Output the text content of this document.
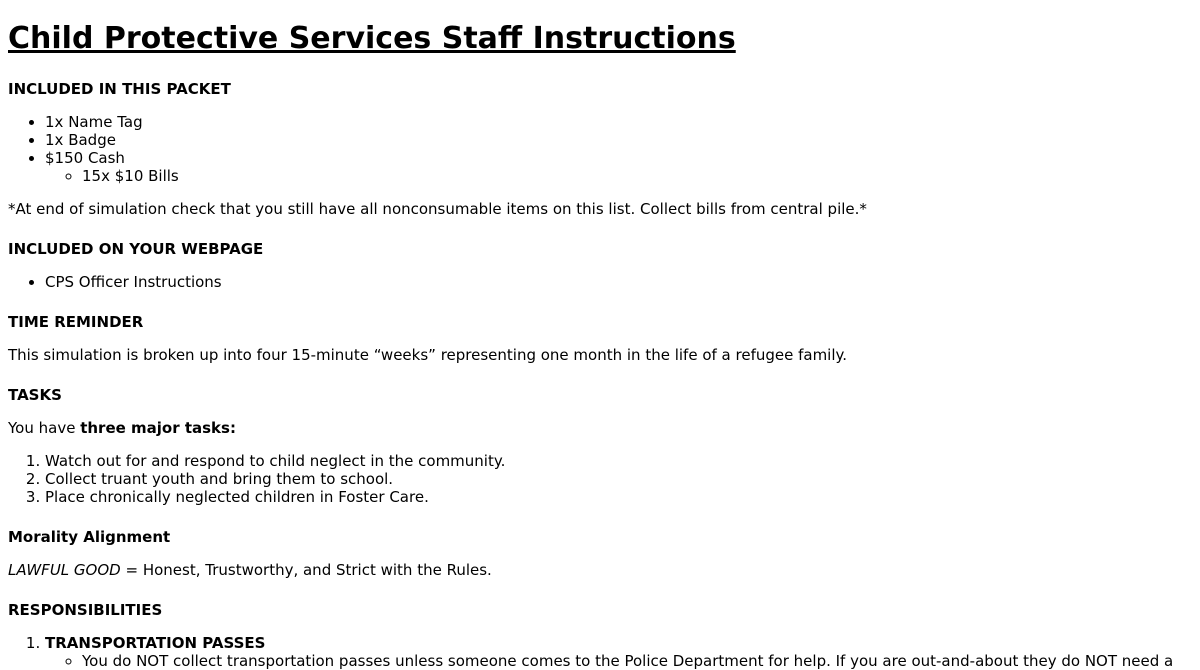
Child Protective Services Staff Instructions
INCLUDED IN THIS PACKET
• 1x Name Tag
• 1x Badge
• $150 Cash
◦ 15x $10 Bills

*At end of simulation check that you still have all nonconsumable items on this list. Collect bills from central pile.*

INCLUDED ON YOUR WEBPAGE
• CPS Officer Instructions
TIME REMINDER

This simulation is broken up into four 15-minute “weeks” representing one month in the life of a refugee family.

TASKS

You have three major tasks:

1. Watch out for and respond to child neglect in the community.
2. Collect truant youth and bring them to school.
3. Place chronically neglected children in Foster Care.
Morality Alignment

LAWFUL GOOD = Honest, Trustworthy, and Strict with the Rules.

RESPONSIBILITIES
1. TRANSPORTATION PASSES
◦ You do NOT collect transportation passes unless someone comes to the Police Department for help. If you are out-and-about they do NOT need a
